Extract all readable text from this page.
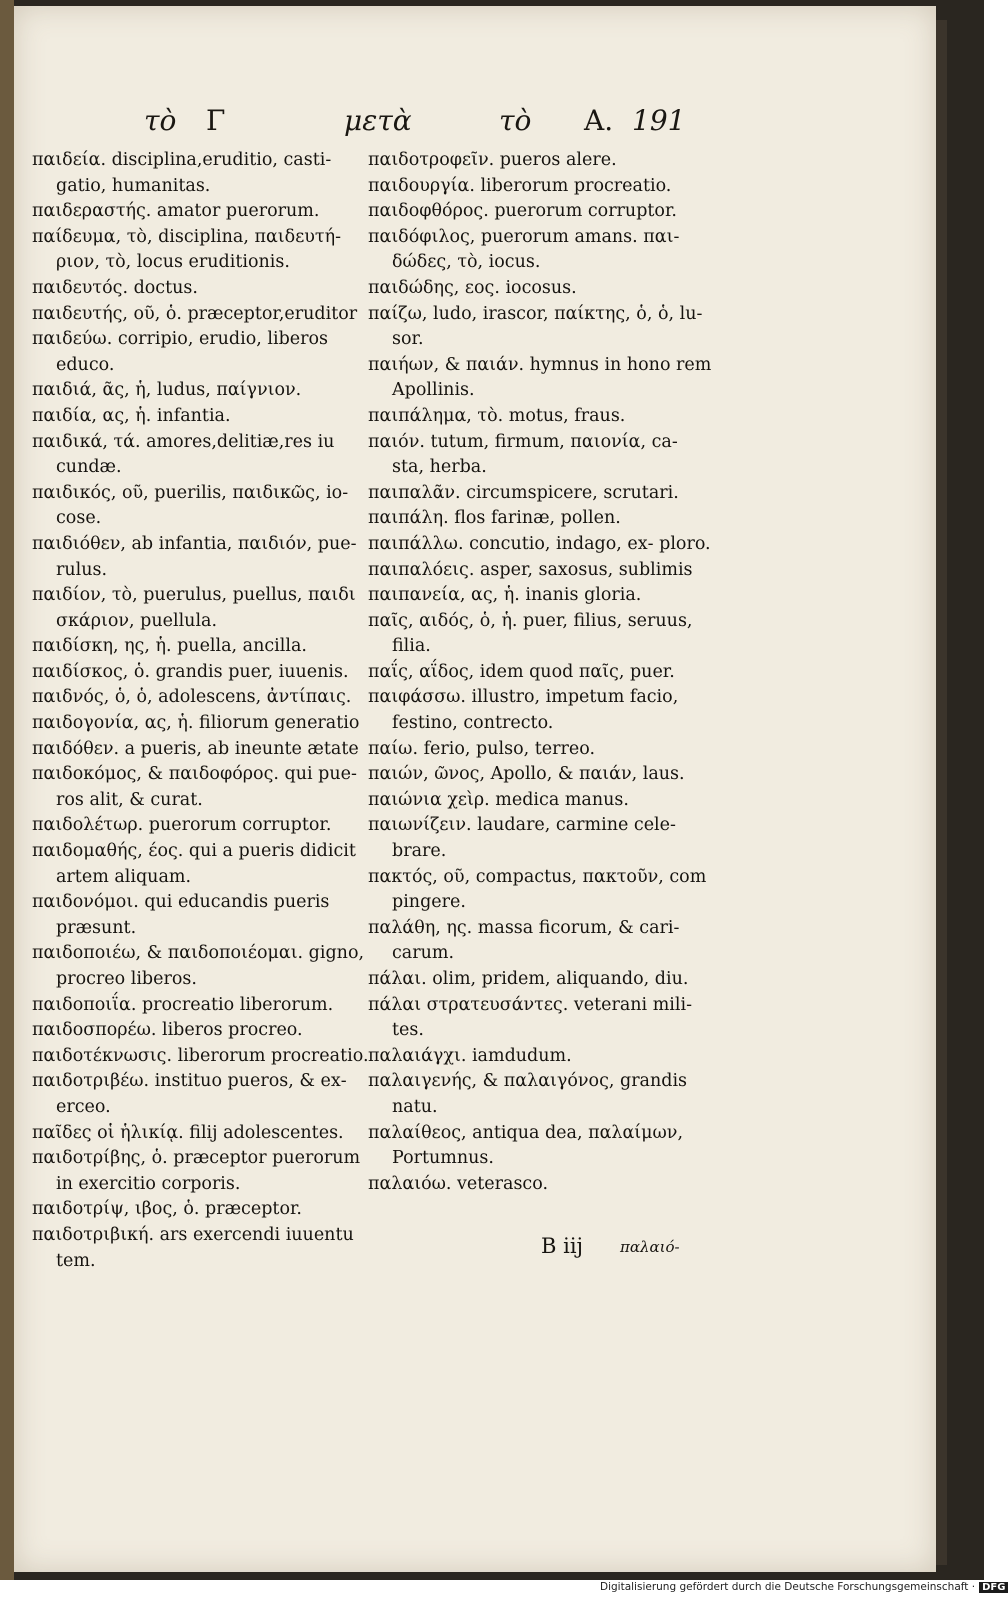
τὸ Γ	μετὰ	τὸ Α. 191
παιδεία. disciplina,eruditio, casti‐ gatio, humanitas.
παιδεραστής. amator puerorum.
παίδευμα, τὸ, disciplina, παιδευτή‐ ριον, τὸ, locus eruditionis.
παιδευτός. doctus.
παιδευτής, οῦ, ὁ. præceptor,eruditor
παιδεύω. corripio, erudio, liberos educo.
παιδιά, ᾶς, ἡ, ludus, παίγνιον.
παιδία, ας, ἡ. infantia.
παιδικά, τά. amores,delitiæ,res iu cundæ.
παιδικός, οῦ, puerilis, παιδικῶς, io‐ cose.
παιδιόθεν, ab infantia, παιδιόν, pue‐ rulus.
παιδίον, τὸ, puerulus, puellus, παιδι σκάριον, puellula.
παιδίσκη, ης, ἡ. puella, ancilla.
παιδίσκος, ὁ. grandis puer, iuuenis.
παιδνός, ὁ, ὁ, adolescens, ἀντίπαις.
παιδογονία, ας, ἡ. filiorum generatio
παιδόθεν. a pueris, ab ineunte ætate
παιδοκόμος, & παιδοφόρος. qui pue‐ ros alit, & curat.
παιδολέτωρ. puerorum corruptor.
παιδομαθής, έος. qui a pueris didicit artem aliquam.
παιδονόμοι. qui educandis pueris præsunt.
παιδοποιέω, & παιδοποιέομαι. gigno, procreo liberos.
παιδοποιΐα. procreatio liberorum.
παιδοσπορέω. liberos procreo.
παιδοτέκνωσις. liberorum procreatio.
παιδοτριβέω. instituo pueros, & ex‐ erceo.
παῖδες οἱ ἡλικίᾳ. filij adolescentes.
παιδοτρίβης, ὁ. præceptor puerorum in exercitio corporis.
παιδοτρίψ, ιβος, ὁ. præceptor.
παιδοτριβική. ars exercendi iuuentu tem.
παιδοτροφεῖν. pueros alere.
παιδουργία. liberorum procreatio.
παιδοφθόρος. puerorum corruptor.
παιδόφιλος, puerorum amans. παι‐ δώδες, τὸ, iocus.
παιδώδης, εος. iocosus.
παίζω, ludo, irascor, παίκτης, ὁ, ὁ, lu‐ sor.
παιήων, & παιάν. hymnus in hono rem Apollinis.
παιπάλημα, τὸ. motus, fraus.
παιόν. tutum, firmum, παιονία, ca‐ sta, herba.
παιπαλᾶν. circumspicere, scrutari.
παιπάλη. flos farinæ, pollen.
παιπάλλω. concutio, indago, ex‐ ploro.
παιπαλόεις. asper, saxosus, sublimis
παιπανεία, ας, ἡ. inanis gloria.
παῖς, αιδός, ὁ, ἡ. puer, filius, seruus, filia.
παΐς, αΐδος, idem quod παῖς, puer.
παιφάσσω. illustro, impetum facio, festino, contrecto.
παίω. ferio, pulso, terreo.
παιών, ῶνος, Apollo, & παιάν, laus.
παιώνια χεὶρ. medica manus.
παιωνίζειν. laudare, carmine cele‐ brare.
πακτός, οῦ, compactus, πακτοῦν, com pingere.
παλάθη, ης. massa ficorum, & cari‐ carum.
πάλαι. olim, pridem, aliquando, diu.
πάλαι στρατευσάντες. veterani mili‐ tes.
παλαιάγχι. iamdudum.
παλαιγενής, & παλαιγόνος, grandis natu.
παλαίθεος, antiqua dea, παλαίμων, Portumnus.
παλαιόω. veterasco.
B iij παλαιό‐
Digitalisierung gefördert durch die Deutsche Forschungsgemeinschaft · DFG
